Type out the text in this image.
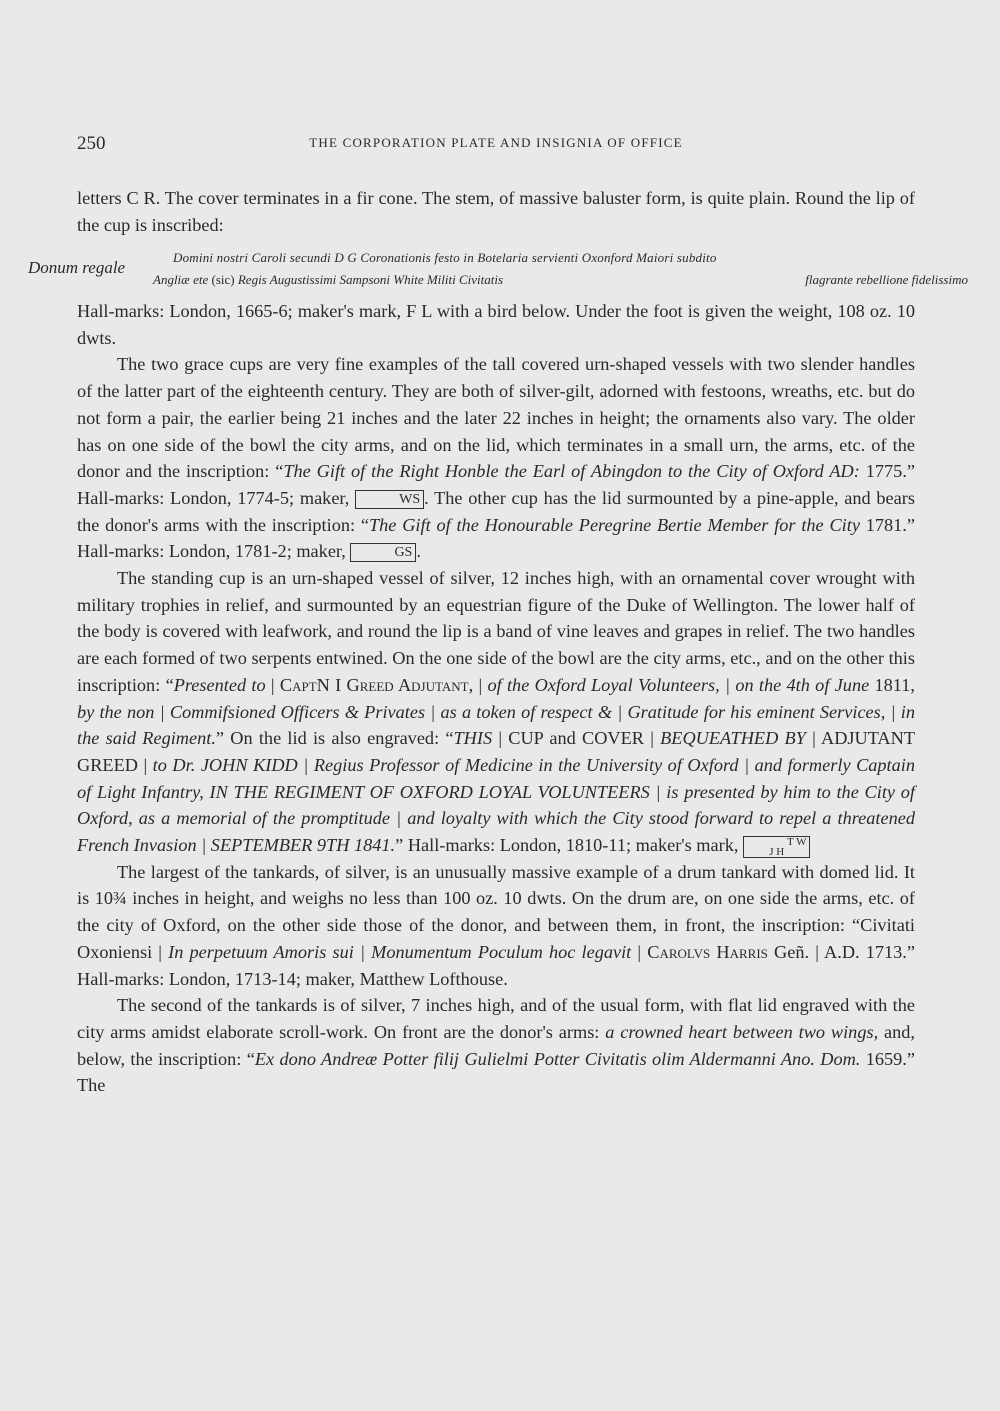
250	THE CORPORATION PLATE AND INSIGNIA OF OFFICE

letters C R. The cover terminates in a fir cone. The stem, of massive baluster form, is quite plain. Round the lip of the cup is inscribed:

Donum regale
Domini nostri Caroli secundi D G Coronationis festo in Botelaria servienti Oxonford Maiori subdito
Angliæ ete (sic) Regis Augustissimi Sampsoni White Militi Civitatis	flagrante rebellione fidelissimo

Hall-marks: London, 1665-6; maker's mark, F L with a bird below. Under the foot is given the weight, 108 oz. 10 dwts.

The two grace cups are very fine examples of the tall covered urn-shaped vessels with two slender handles of the latter part of the eighteenth century. They are both of silver-gilt, adorned with festoons, wreaths, etc. but do not form a pair, the earlier being 21 inches and the later 22 inches in height; the ornaments also vary. The older has on one side of the bowl the city arms, and on the lid, which terminates in a small urn, the arms, etc. of the donor and the inscription: “The Gift of the Right Honble the Earl of Abingdon to the City of Oxford AD: 1775.” Hall-marks: London, 1774-5; maker,	WS . The other cup has the lid surmounted by a pine-apple, and bears the donor's arms with the inscription: “The Gift of the Honourable Peregrine Bertie Member for the City 1781.” Hall-marks: London, 1781-2; maker,	GS .

The standing cup is an urn-shaped vessel of silver, 12 inches high, with an ornamental cover wrought with military trophies in relief, and surmounted by an equestrian figure of the Duke of Wellington. The lower half of the body is covered with leafwork, and round the lip is a band of vine leaves and grapes in relief. The two handles are each formed of two serpents entwined. On the one side of the bowl are the city arms, etc., and on the other this inscription: “Presented to | CaptN I Greed Adjutant, | of the Oxford Loyal Volunteers, | on the 4th of June 1811, by the non | Commifsioned Officers & Privates | as a token of respect & | Gratitude for his eminent Services, | in the said Regiment.” On the lid is also engraved: “THIS | CUP and COVER | BEQUEATHED BY | ADJUTANT GREED | to Dr. JOHN KIDD | Regius Professor of Medicine in the University of Oxford | and formerly Captain of Light Infantry, IN THE REGIMENT OF OXFORD LOYAL VOLUNTEERS | is presented by him to the City of Oxford, as a memorial of the promptitude | and loyalty with which the City stood forward to repel a threatened French Invasion | SEPTEMBER 9TH 1841.” Hall-marks: London, 1810-11; maker's mark,	T W
J H

The largest of the tankards, of silver, is an unusually massive example of a drum tankard with domed lid. It is 10¾ inches in height, and weighs no less than 100 oz. 10 dwts. On the drum are, on one side the arms, etc. of the city of Oxford, on the other side those of the donor, and between them, in front, the inscription: “Civitati Oxoniensi | In perpetuum Amoris sui | Monumentum Poculum hoc legavit | Carolvs Harris Geñ. | A.D. 1713.” Hall-marks: London, 1713-14; maker, Matthew Lofthouse.

The second of the tankards is of silver, 7 inches high, and of the usual form, with flat lid engraved with the city arms amidst elaborate scroll-work. On front are the donor's arms: a crowned heart between two wings, and, below, the inscription: “Ex dono Andreæ Potter filij Gulielmi Potter Civitatis olim Aldermanni Ano. Dom. 1659.” The
